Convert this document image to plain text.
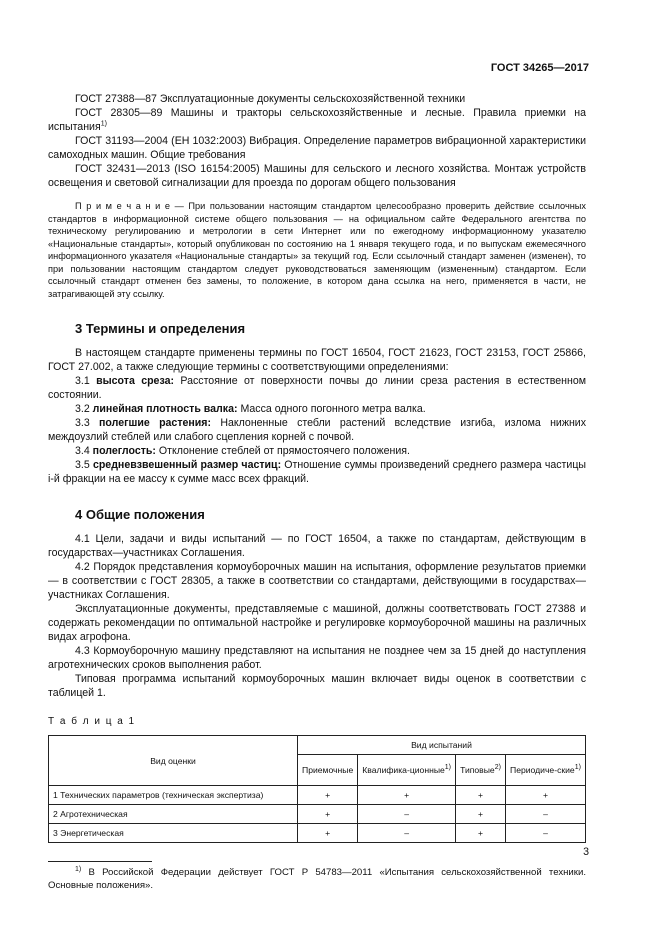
ГОСТ 34265—2017

ГОСТ 27388—87 Эксплуатационные документы сельскохозяйственной техники

ГОСТ 28305—89 Машины и тракторы сельскохозяйственные и лесные. Правила приемки на испытания$^{1)}$

ГОСТ 31193—2004 (ЕН 1032:2003) Вибрация. Определение параметров вибрационной характеристики самоходных машин. Общие требования

ГОСТ 32431—2013 (ISO 16154:2005) Машины для сельского и лесного хозяйства. Монтаж устройств освещения и световой сигнализации для проезда по дорогам общего пользования

П р и м е ч а н и е — При пользовании настоящим стандартом целесообразно проверить действие ссылочных стандартов в информационной системе общего пользования — на официальном сайте Федерального агентства по техническому регулированию и метрологии в сети Интернет или по ежегодному информационному указателю «Национальные стандарты», который опубликован по состоянию на 1 января текущего года, и по выпускам ежемесячного информационного указателя «Национальные стандарты» за текущий год. Если ссылочный стандарт заменен (изменен), то при пользовании настоящим стандартом следует руководствоваться заменяющим (измененным) стандартом. Если ссылочный стандарт отменен без замены, то положение, в котором дана ссылка на него, применяется в части, не затрагивающей эту ссылку.

3 Термины и определения

В настоящем стандарте применены термины по ГОСТ 16504, ГОСТ 21623, ГОСТ 23153, ГОСТ 25866, ГОСТ 27.002, а также следующие термины с соответствующими определениями:

3.1 высота среза: Расстояние от поверхности почвы до линии среза растения в естественном состоянии.

3.2 линейная плотность валка: Масса одного погонного метра валка.

3.3 полегшие растения: Наклоненные стебли растений вследствие изгиба, излома нижних междоузлий стеблей или слабого сцепления корней с почвой.

3.4 полеглость: Отклонение стеблей от прямостоячего положения.

3.5 средневзвешенный размер частиц: Отношение суммы произведений среднего размера частицы i-й фракции на ее массу к сумме масс всех фракций.

4 Общие положения

4.1 Цели, задачи и виды испытаний — по ГОСТ 16504, а также по стандартам, действующим в государствах—участниках Соглашения.

4.2 Порядок представления кормоуборочных машин на испытания, оформление результатов приемки — в соответствии с ГОСТ 28305, а также в соответствии со стандартами, действующими в государствах—участниках Соглашения.

Эксплуатационные документы, представляемые с машиной, должны соответствовать ГОСТ 27388 и содержать рекомендации по оптимальной настройке и регулировке кормоуборочной машины на различных видах агрофона.

4.3 Кормоуборочную машину представляют на испытания не позднее чем за 15 дней до наступления агротехнических сроков выполнения работ.

Типовая программа испытаний кормоуборочных машин включает виды оценок в соответствии с таблицей 1.

Т а б л и ц а 1
Вид оценки	Вид испытаний			
	Приемочные	Квалифика-ционные$^{1)}$	Типовые$^{2)}$	Периодиче-ские$^{1)}$
1 Технических параметров (техническая экспертиза)	+	+	+	+
2 Агротехническая	+	–	+	–
3 Энергетическая	+	–	+	–

$^{1)}$ В Российской Федерации действует ГОСТ Р 54783—2011 «Испытания сельскохозяйственной техники. Основные положения».

3
